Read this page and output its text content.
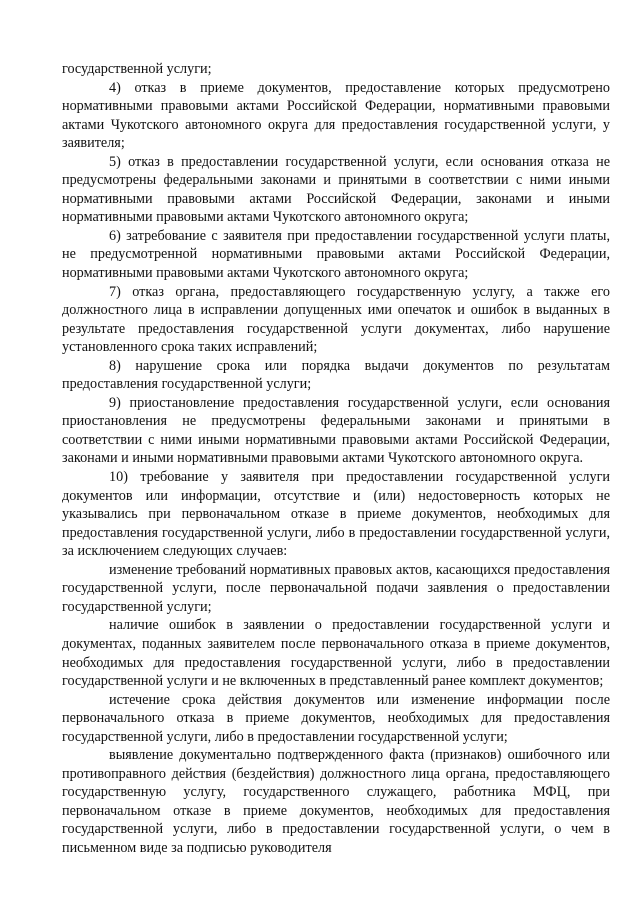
государственной услуги;

4) отказ в приеме документов, предоставление которых предусмотрено нормативными правовыми актами Российской Федерации, нормативными правовыми актами Чукотского автономного округа для предоставления государственной услуги, у заявителя;

5) отказ в предоставлении государственной услуги, если основания отказа не предусмотрены федеральными законами и принятыми в соответствии с ними иными нормативными правовыми актами Российской Федерации, законами и иными нормативными правовыми актами Чукотского автономного округа;

6) затребование с заявителя при предоставлении государственной услуги платы, не предусмотренной нормативными правовыми актами Российской Федерации, нормативными правовыми актами Чукотского автономного округа;

7) отказ органа, предоставляющего государственную услугу, а также его должностного лица в исправлении допущенных ими опечаток и ошибок в выданных в результате предоставления государственной услуги документах, либо нарушение установленного срока таких исправлений;

8) нарушение срока или порядка выдачи документов по результатам предоставления государственной услуги;

9) приостановление предоставления государственной услуги, если основания приостановления не предусмотрены федеральными законами и принятыми в соответствии с ними иными нормативными правовыми актами Российской Федерации, законами и иными нормативными правовыми актами Чукотского автономного округа.

10) требование у заявителя при предоставлении государственной услуги документов или информации, отсутствие и (или) недостоверность которых не указывались при первоначальном отказе в приеме документов, необходимых для предоставления государственной услуги, либо в предоставлении государственной услуги, за исключением следующих случаев:

изменение требований нормативных правовых актов, касающихся предоставления государственной услуги, после первоначальной подачи заявления о предоставлении государственной услуги;

наличие ошибок в заявлении о предоставлении государственной услуги и документах, поданных заявителем после первоначального отказа в приеме документов, необходимых для предоставления государственной услуги, либо в предоставлении государственной услуги и не включенных в представленный ранее комплект документов;

истечение срока действия документов или изменение информации после первоначального отказа в приеме документов, необходимых для предоставления государственной услуги, либо в предоставлении государственной услуги;

выявление документально подтвержденного факта (признаков) ошибочного или противоправного действия (бездействия) должностного лица органа, предоставляющего государственную услугу, государственного служащего, работника МФЦ, при первоначальном отказе в приеме документов, необходимых для предоставления государственной услуги, либо в предоставлении государственной услуги, о чем в письменном виде за подписью руководителя
